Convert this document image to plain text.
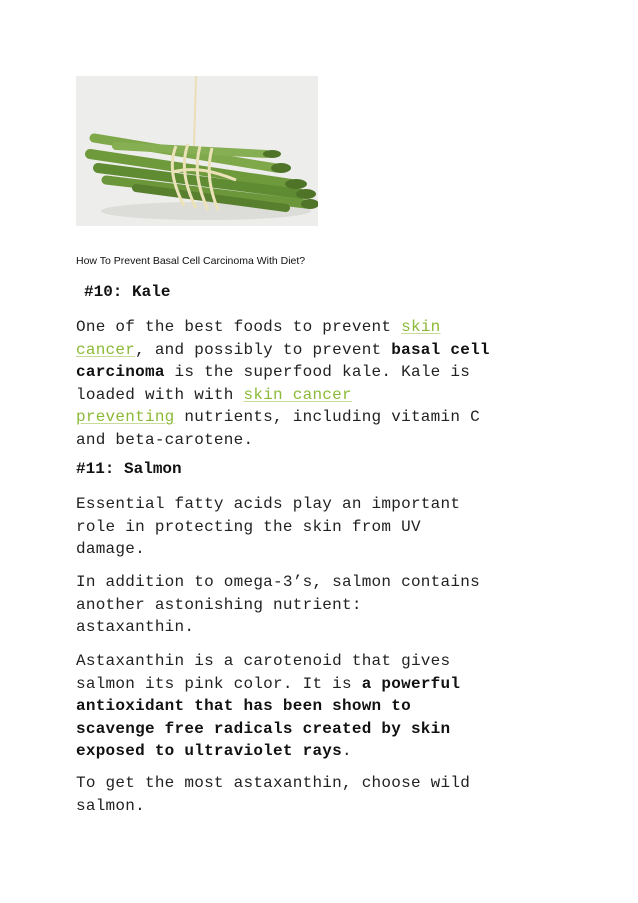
How To Prevent Basal Cell Carcinoma With Diet?
#10: Kale
One of the best foods to prevent skin
cancer, and possibly to prevent basal cell
carcinoma is the superfood kale. Kale is
loaded with with skin cancer
preventing nutrients, including vitamin C
and beta-carotene.
#11: Salmon
Essential fatty acids play an important
role in protecting the skin from UV
damage.
In addition to omega-3’s, salmon contains
another astonishing nutrient:
astaxanthin.
Astaxanthin is a carotenoid that gives
salmon its pink color. It is a powerful
antioxidant that has been shown to
scavenge free radicals created by skin
exposed to ultraviolet rays.
To get the most astaxanthin, choose wild
salmon.
